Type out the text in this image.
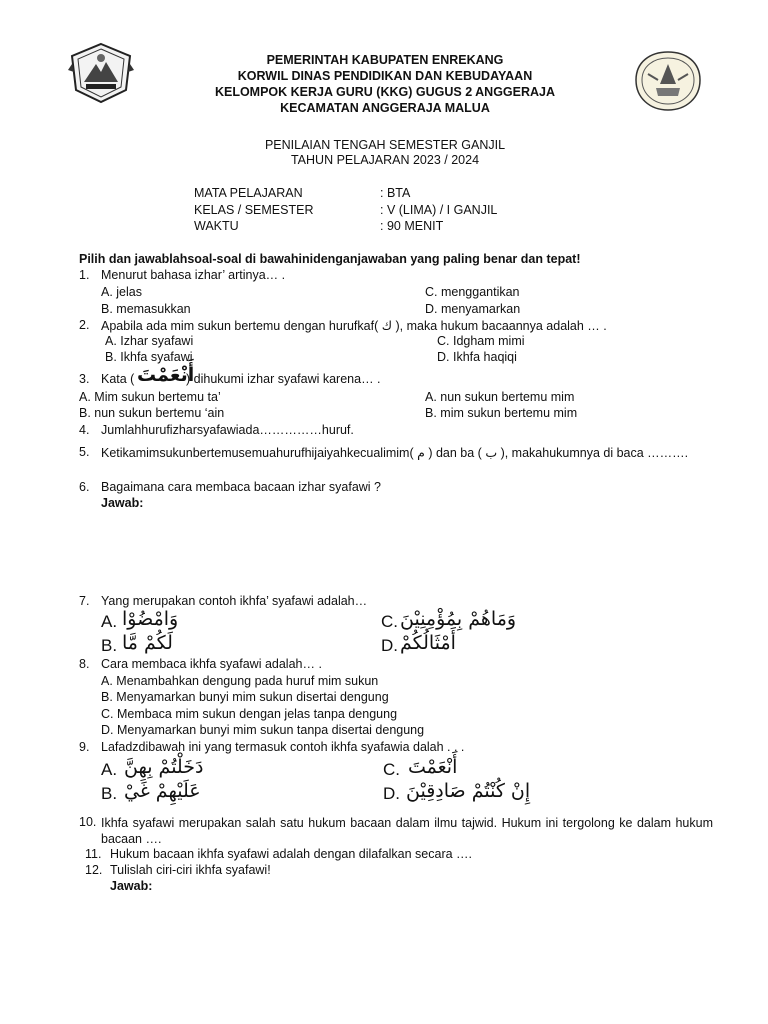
PEMERINTAH KABUPATEN ENREKANG
KORWIL DINAS PENDIDIKAN DAN KEBUDAYAAN
KELOMPOK KERJA GURU (KKG) GUGUS 2 ANGGERAJA
KECAMATAN ANGGERAJA MALUA
PENILAIAN TENGAH SEMESTER GANJIL
TAHUN PELAJARAN 2023 / 2024
MATA PELAJARAN	: BTA
KELAS / SEMESTER	: V (LIMA) / I GANJIL
WAKTU	: 90 MENIT
Pilih dan jawablahsoal-soal di bawahinidenganjawaban yang paling benar dan tepat!
1. Menurut bahasa izhar’ artinya… .
A. jelas	C. menggantikan
B. memasukkan	D. menyamarkan
2. Apabila ada mim sukun bertemu dengan hurufkaf( ك ), maka hukum bacaannya adalah … .
A. Izhar syafawi	C. Idgham mimi
B. Ikhfa syafawi	D. Ikhfa haqiqi
3. Kata ( أَنْعَمْتَ
) dihukumi izhar syafawi karena… .
A. Mim sukun bertemu ta’	A. nun sukun bertemu mim
B. nun sukun bertemu ‘ain	B. mim sukun bertemu mim
4. Jumlahhurufizharsyafawiada……………huruf.
5. Ketikamimsukunbertemusemuahurufhijaiyahkecualimim( م ) dan ba ( ب ), makahukumnya di baca ……….
6. Bagaimana cara membaca bacaan izhar syafawi ?
Jawab:
7. Yang merupakan contoh ikhfa’ syafawi adalah…
A. وَامْضُوْا	C. وَمَاهُمْ بِمُؤْمِنِيْنَ
B. لَكُمْ مَّا	D. أَمْثَالُكُمْ
8. Cara membaca ikhfa syafawi adalah… .
A. Menambahkan dengung pada huruf mim sukun
B. Menyamarkan bunyi mim sukun disertai dengung
C. Membaca mim sukun dengan jelas tanpa dengung
D. Menyamarkan bunyi mim sukun tanpa disertai dengung
9. Lafadzdibawah ini yang termasuk contoh ikhfa syafawia dalah . . .
A. دَخَلْتُمْ بِهِنَّ	C. أَنْعَمْتَ
B. عَلَيْهِمْ غَيْ	D. إِنْ كُنْتُمْ صَادِقِيْنَ
10. Ikhfa syafawi merupakan salah satu hukum bacaan dalam ilmu tajwid. Hukum ini tergolong ke dalam hukum bacaan ….
11. Hukum bacaan ikhfa syafawi adalah dengan dilafalkan secara ….
12. Tulislah ciri-ciri ikhfa syafawi!
Jawab:
